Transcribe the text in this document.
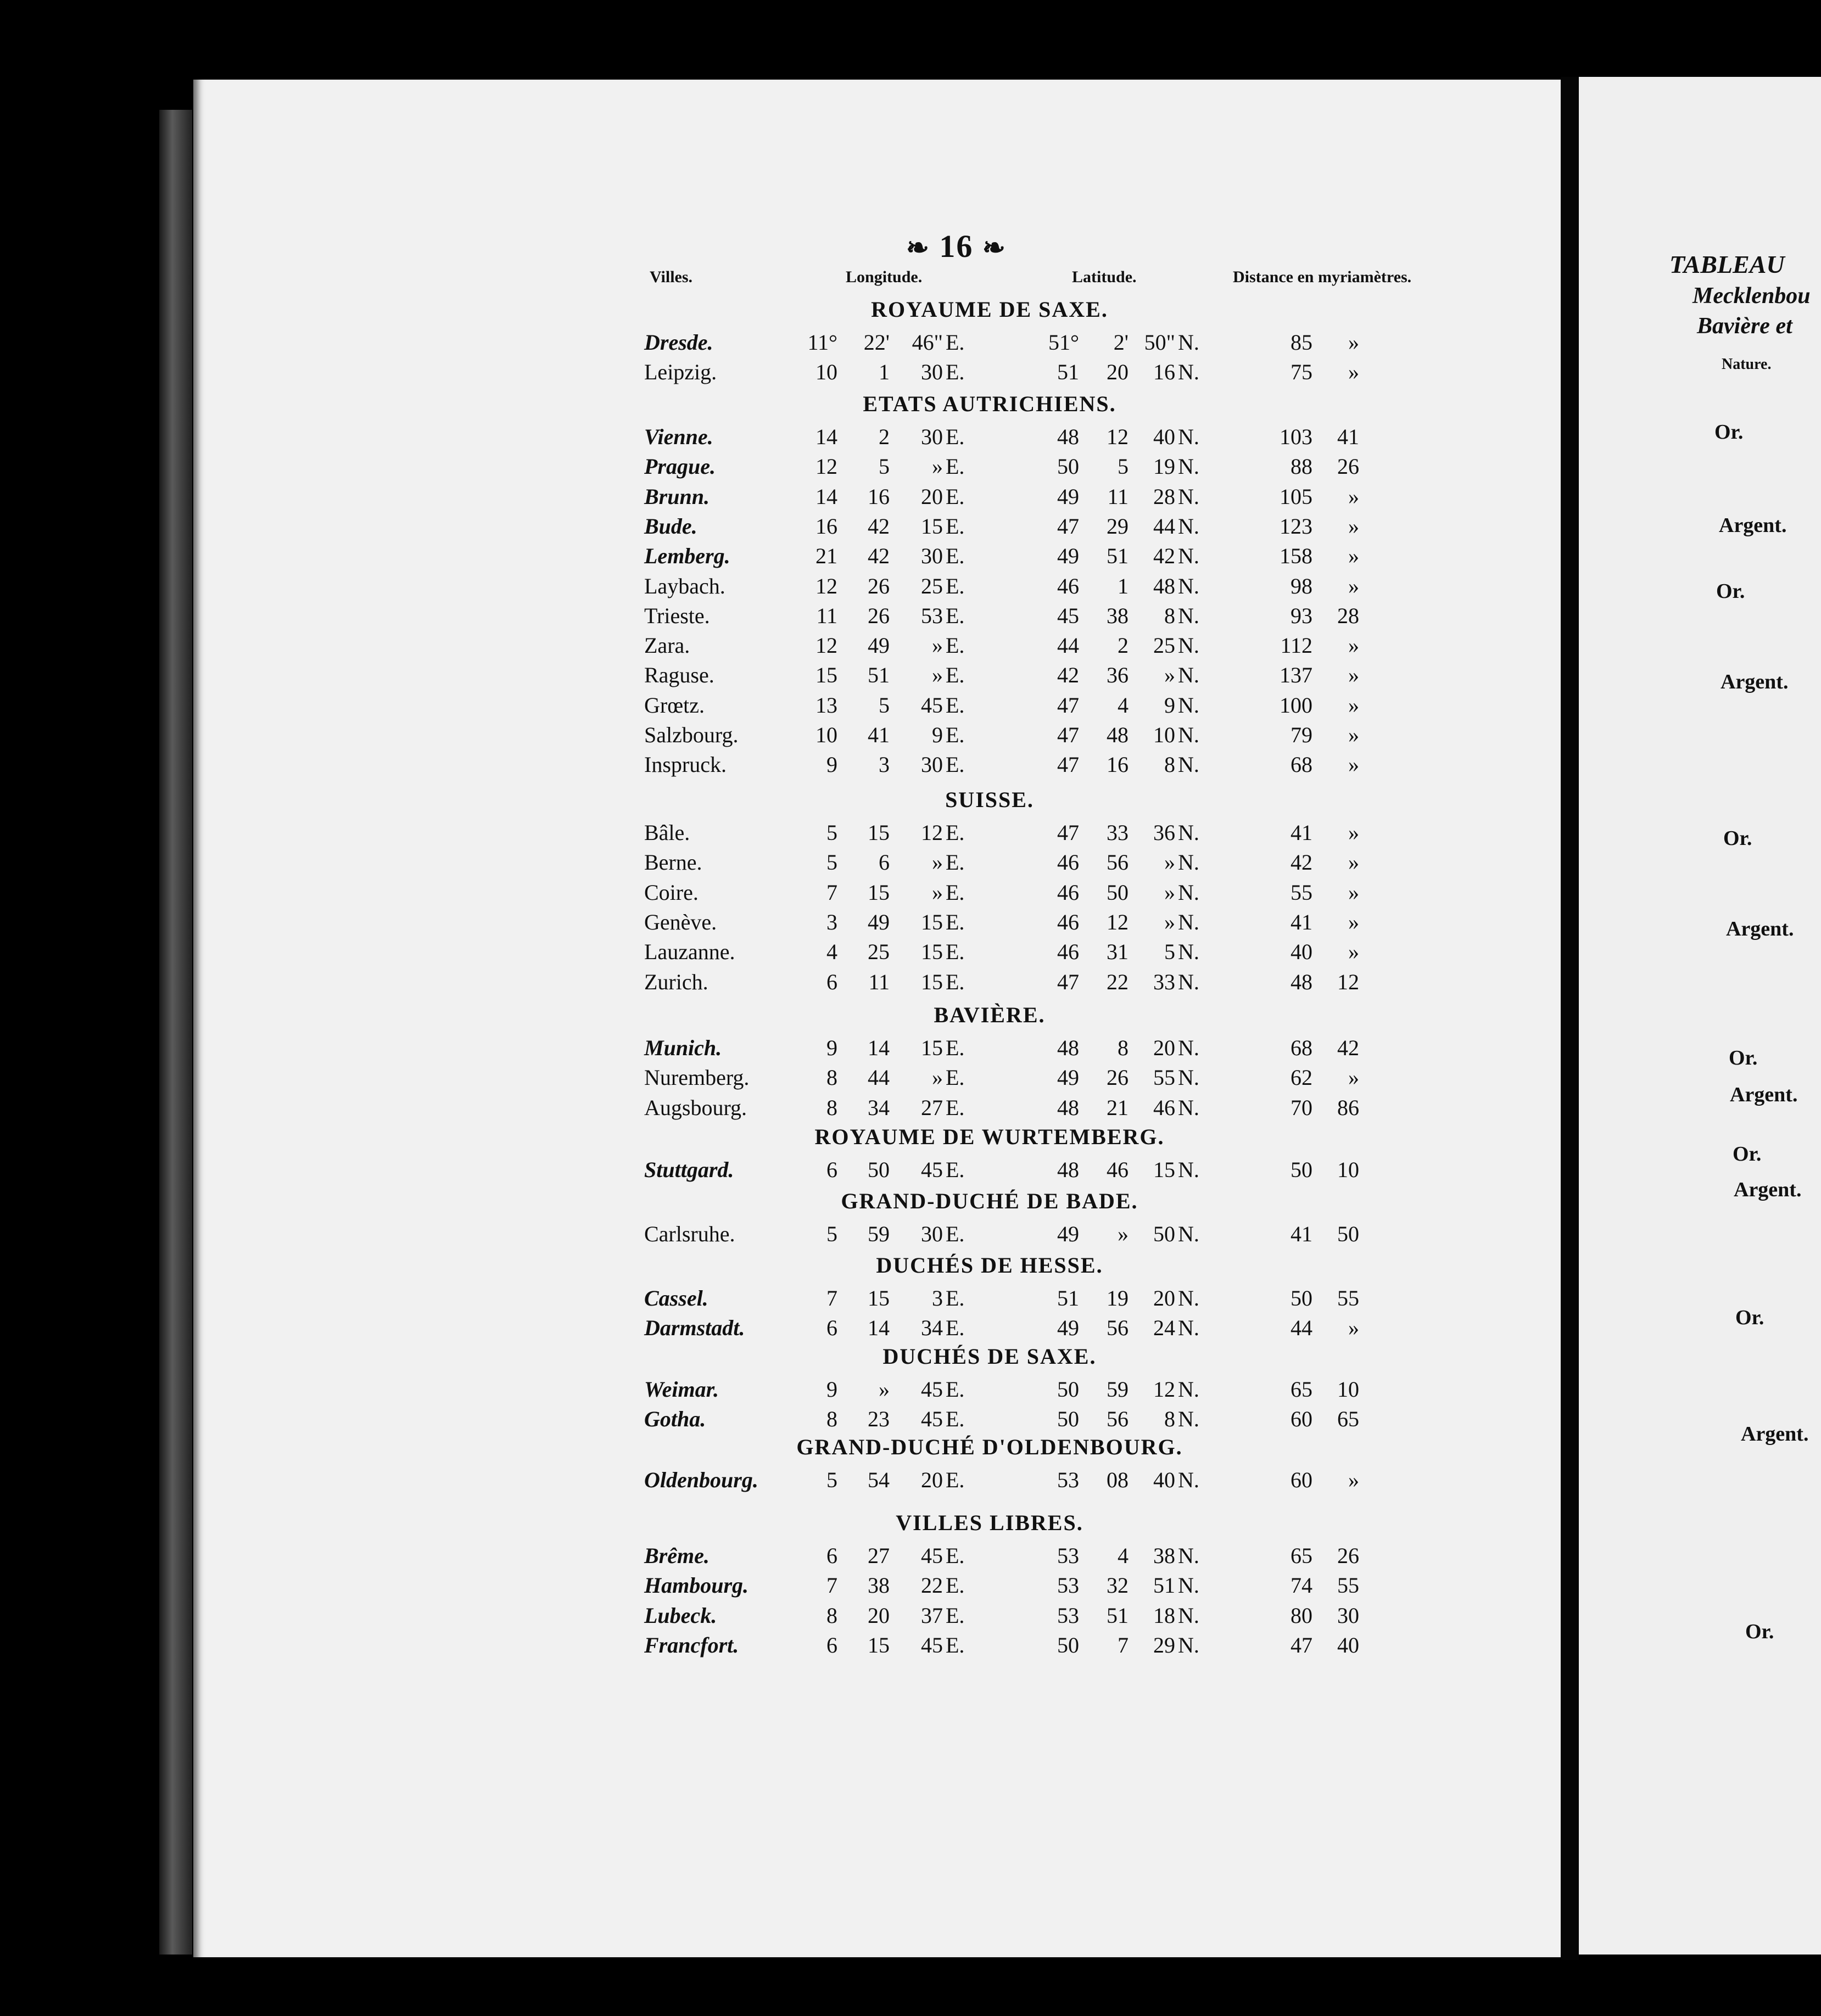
❧ 16 ❧
Villes.	Longitude.	Latitude.	Distance en myriamètres.
ROYAUME DE SAXE.
Dresde.	11°	22'	46" E.	51°	2' 50" N.	85	»
Leipzig.	10	1	30 E.	51	20	16 N.	75	»
ETATS AUTRICHIENS.
Vienne.	14	2	30 E.	48	12	40 N.	103	41
Prague.	12	5	» E.	50	5	19 N.	88	26
Brunn.	14	16	20 E.	49	11	28 N.	105	»
Bude.	16	42	15 E.	47	29	44 N.	123	»
Lemberg.	21	42	30 E.	49	51	42 N.	158	»
Laybach.	12	26	25 E.	46	1	48 N.	98	»
Trieste.	11	26	53 E.	45	38	8 N.	93	28
Zara.	12	49	» E.	44	2	25 N.	112	»
Raguse.	15	51	» E.	42	36	» N.	137	»
Grœtz.	13	5	45 E.	47	4	9 N.	100	»
Salzbourg.	10	41	9 E.	47	48	10 N.	79	»
Inspruck.	9	3	30 E.	47	16	8 N.	68	»
SUISSE.
Bâle.	5	15	12 E.	47	33	36 N.	41	»
Berne.	5	6	» E.	46	56	» N.	42	»
Coire.	7	15	» E.	46	50	» N.	55	»
Genève.	3	49	15 E.	46	12	» N.	41	»
Lauzanne.	4	25	15 E.	46	31	5 N.	40	»
Zurich.	6	11	15 E.	47	22	33 N.	48	12
BAVIÈRE.
Munich.	9	14	15 E.	48	8	20 N.	68	42
Nuremberg.	8	44	» E.	49	26	55 N.	62	»
Augsbourg.	8	34	27 E.	48	21	46 N.	70	86
ROYAUME DE WURTEMBERG.
Stuttgard.	6	50	45 E.	48	46	15 N.	50	10
GRAND-DUCHÉ DE BADE.
Carlsruhe.	5	59	30 E.	49	»	50 N.	41	50
DUCHÉS DE HESSE.
Cassel.	7	15	3 E.	51	19	20 N.	50	55
Darmstadt.	6	14	34 E.	49	56	24 N.	44	»
DUCHÉS DE SAXE.
Weimar.	9	»	45 E.	50	59	12 N.	65	10
Gotha.	8	23	45 E.	50	56	8 N.	60	65
GRAND-DUCHÉ D'OLDENBOURG.
Oldenbourg.	5	54	20 E.	53	08	40 N.	60	»
VILLES LIBRES.
Brême.	6	27	45 E.	53	4	38 N.	65	26
Hambourg.	7	38	22 E.	53	32	51 N.	74	55
Lubeck.	8	20	37 E.	53	51	18 N.	80	30
Francfort.	6	15	45 E.	50	7	29 N.	47	40
TABLEAU
Mecklenbou
Bavière et
Nature.
Or.
Argent.
Or.
Argent.
Or.
Argent.
Or.
Argent.
Or.
Argent.
Or.
Argent.
Or.
